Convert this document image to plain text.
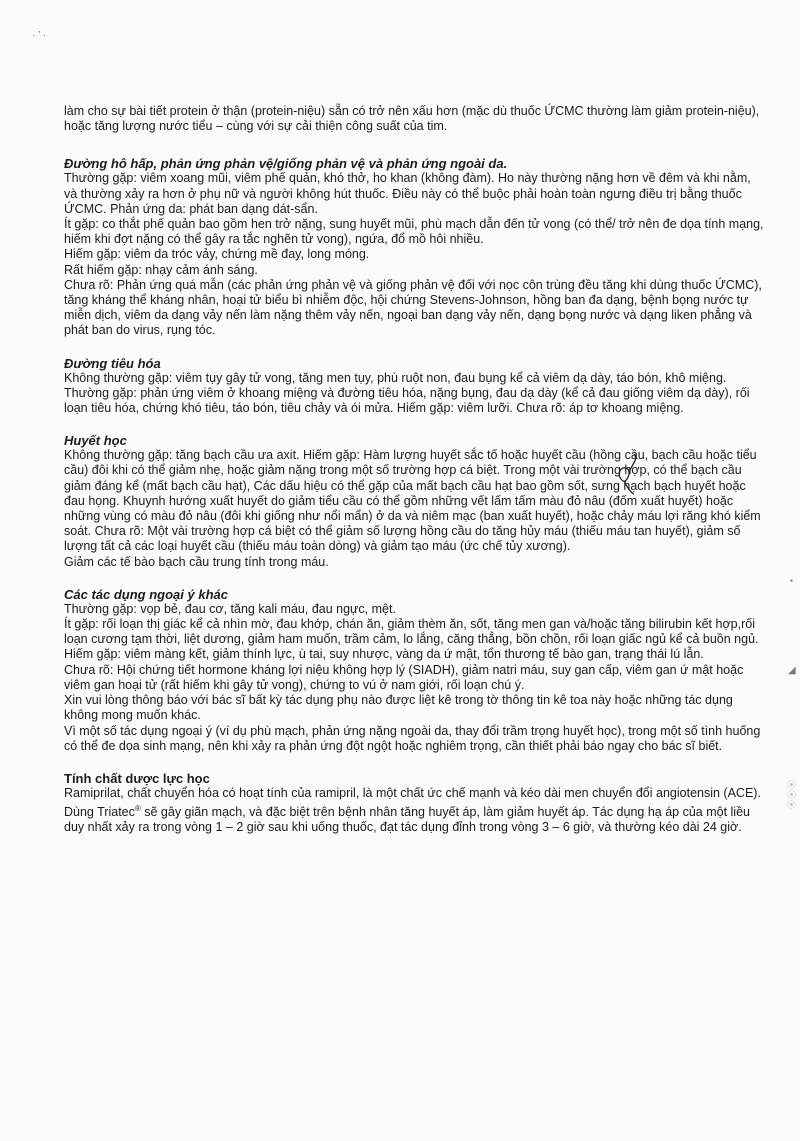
· ’ ·

làm cho sự bài tiết protein ở thận (protein-niệu) sẵn có trở nên xấu hơn (mặc dù thuốc ỨCMC thường làm giảm protein-niệu), hoặc tăng lượng nước tiểu – cùng với sự cải thiện công suất của tim.

Đường hô hấp, phản ứng phản vệ/giống phản vệ và phản ứng ngoài da.

Thường gặp: viêm xoang mũi, viêm phế quản, khó thở, ho khan (không đàm). Ho này thường nặng hơn về đêm và khi nằm, và thường xảy ra hơn ở phụ nữ và người không hút thuốc. Điều này có thể buộc phải hoàn toàn ngưng điều trị bằng thuốc ỨCMC. Phản ứng da: phát ban dạng dát-sẩn.

Ít gặp: co thắt phế quản bao gồm hen trở nặng, sung huyết mũi, phù mạch dẫn đến tử vong (có thể/ trở nên đe dọa tính mạng, hiếm khi đợt nặng có thể gây ra tắc nghẽn tử vong), ngứa, đổ mồ hôi nhiều.

Hiếm gặp: viêm da tróc vảy, chứng mề đay, long móng.

Rất hiếm gặp: nhạy cảm ánh sáng.

Chưa rõ: Phản ứng quá mẫn (các phản ứng phản vệ và giống phản vệ đối với nọc côn trùng đều tăng khi dùng thuốc ỨCMC), tăng kháng thể kháng nhân, hoại tử biểu bì nhiễm độc, hội chứng Stevens-Johnson, hồng ban đa dạng, bệnh bọng nước tự miễn dịch, viêm da dạng vảy nến làm nặng thêm vảy nến, ngoại ban dạng vảy nến, dạng bọng nước và dạng liken phẳng và phát ban do virus, rụng tóc.

Đường tiêu hóa

Không thường gặp: viêm tụy gây tử vong, tăng men tụy, phù ruột non, đau bụng kể cả viêm dạ dày, táo bón, khô miệng. Thường gặp: phản ứng viêm ở khoang miệng và đường tiêu hóa, nặng bụng, đau dạ dày (kể cả đau giống viêm dạ dày), rối loạn tiêu hóa, chứng khó tiêu, táo bón, tiêu chảy và ói mửa. Hiếm gặp: viêm lưỡi. Chưa rõ: áp tơ khoang miệng.

Huyết học

Không thường gặp: tăng bạch cầu ưa axit. Hiếm gặp: Hàm lượng huyết sắc tố hoặc huyết cầu (hồng cầu, bạch cầu hoặc tiểu cầu) đôi khi có thể giảm nhẹ, hoặc giảm nặng trong một số trường hợp cá biệt. Trong một vài trường hợp, có thể bạch cầu giảm đáng kể (mất bạch cầu hạt), Các dấu hiệu có thể gặp của mất bạch cầu hạt bao gồm sốt, sưng hạch bạch huyết hoặc đau họng. Khuynh hướng xuất huyết do giảm tiểu cầu có thể gồm những vết lấm tấm màu đỏ nâu (đốm xuất huyết) hoặc những vùng có màu đỏ nâu (đôi khi giống như nổi mẩn) ở da và niêm mạc (ban xuất huyết), hoặc chảy máu lợi răng khó kiểm soát. Chưa rõ: Một vài trường hợp cá biệt có thể giảm số lượng hồng cầu do tăng hủy máu (thiếu máu tan huyết), giảm số lượng tất cả các loại huyết cầu (thiếu máu toàn dòng) và giảm tạo máu (ức chế tủy xương).

Giảm các tế bào bạch cầu trung tính trong máu.

Các tác dụng ngoại ý khác

Thường gặp: vọp bẻ, đau cơ, tăng kali máu, đau ngực, mệt.

Ít gặp: rối loạn thị giác kể cả nhìn mờ, đau khớp, chán ăn, giảm thèm ăn, sốt, tăng men gan và/hoặc tăng bilirubin kết hợp,rối loạn cương tạm thời, liệt dương, giảm ham muốn, trầm cảm, lo lắng, căng thẳng, bồn chồn, rối loạn giấc ngủ kể cả buồn ngủ.

Hiếm gặp: viêm màng kết, giảm thính lực, ù tai, suy nhược, vàng da ứ mật, tổn thương tế bào gan, trạng thái lú lẫn.

Chưa rõ: Hội chứng tiết hormone kháng lợi niệu không hợp lý (SIADH), giảm natri máu, suy gan cấp, viêm gan ứ mật hoặc viêm gan hoại tử (rất hiếm khi gây tử vong), chứng to vú ở nam giới, rối loạn chú ý.

Xin vui lòng thông báo với bác sĩ bất kỳ tác dụng phụ nào được liệt kê trong tờ thông tin kê toa này hoặc những tác dụng không mong muốn khác.

Vì một số tác dụng ngoại ý (ví dụ phù mạch, phản ứng nặng ngoài da, thay đổi trầm trọng huyết học), trong một số tình huống có thể đe dọa sinh mạng, nên khi xảy ra phản ứng đột ngột hoặc nghiêm trọng, cần thiết phải báo ngay cho bác sĩ biết.

Tính chất dược lực học

Ramiprilat, chất chuyển hóa có hoạt tính của ramipril, là một chất ức chế mạnh và kéo dài men chuyển đổi angiotensin (ACE).

Dùng Triatec® sẽ gây giãn mạch, và đặc biệt trên bệnh nhân tăng huyết áp, làm giảm huyết áp. Tác dụng hạ áp của một liều duy nhất xảy ra trong vòng 1 – 2 giờ sau khi uống thuốc, đạt tác dụng đỉnh trong vòng 3 – 6 giờ, và thường kéo dài 24 giờ.

▪
◢
⦿⦿⦿
